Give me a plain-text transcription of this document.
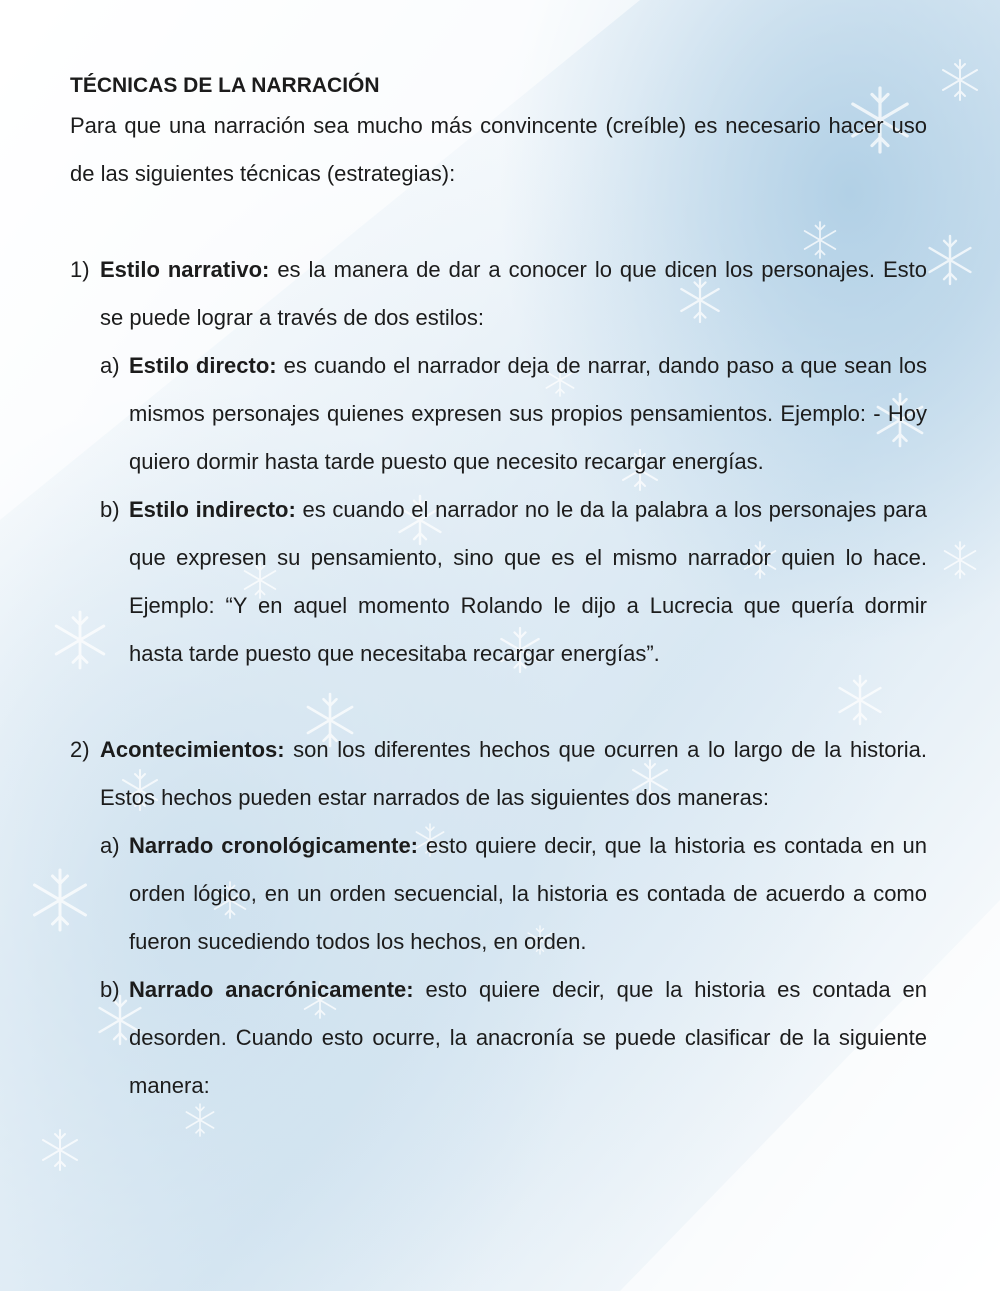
TÉCNICAS DE LA NARRACIÓN

Para que una narración sea mucho más convincente (creíble) es necesario hacer uso de las siguientes técnicas (estrategias):

1) Estilo narrativo: es la manera de dar a conocer lo que dicen los personajes. Esto se puede lograr a través de dos estilos:

a) Estilo directo: es cuando el narrador deja de narrar, dando paso a que sean los mismos personajes quienes expresen sus propios pensamientos. Ejemplo: - Hoy quiero dormir hasta tarde puesto que necesito recargar energías.

b) Estilo indirecto: es cuando el narrador no le da la palabra a los personajes para que expresen su pensamiento, sino que es el mismo narrador quien lo hace. Ejemplo: “Y en aquel momento Rolando le dijo a Lucrecia que quería dormir hasta tarde puesto que necesitaba recargar energías”.

2) Acontecimientos: son los diferentes hechos que ocurren a lo largo de la historia. Estos hechos pueden estar narrados de las siguientes dos maneras:

a) Narrado cronológicamente: esto quiere decir, que la historia es contada en un orden lógico, en un orden secuencial, la historia es contada de acuerdo a como fueron sucediendo todos los hechos, en orden.

b) Narrado anacrónicamente: esto quiere decir, que la historia es contada en desorden. Cuando esto ocurre, la anacronía se puede clasificar de la siguiente manera:
